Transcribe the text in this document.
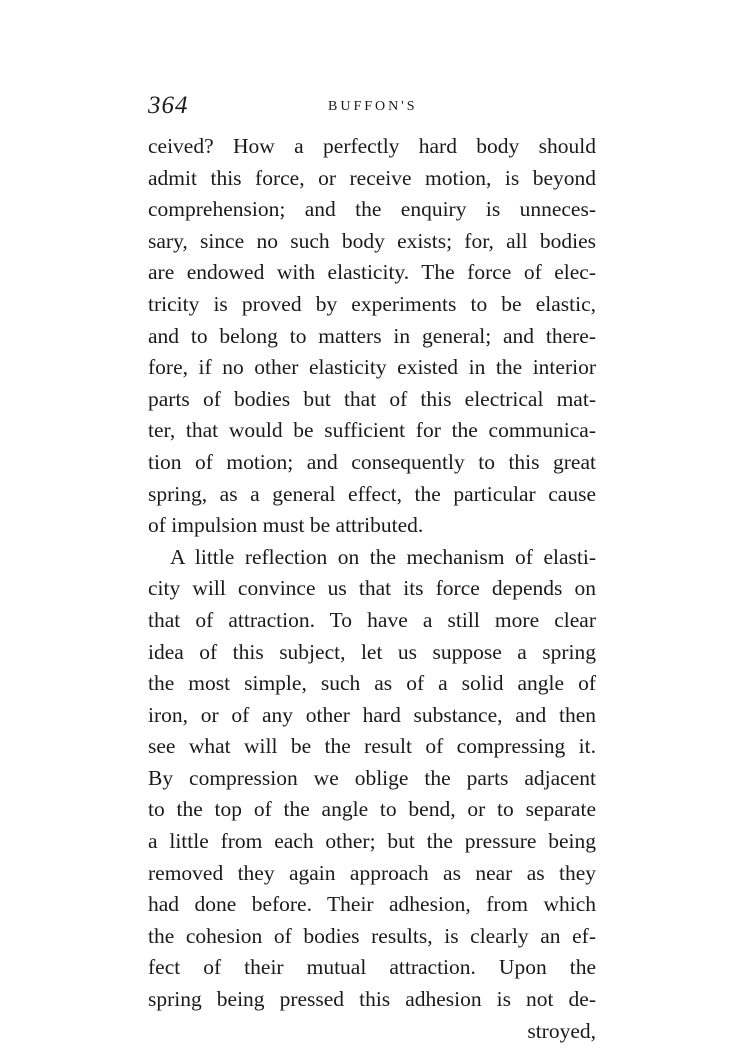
364	BUFFON'S
ceived? How a perfectly hard body should
admit this force, or receive motion, is beyond
comprehension; and the enquiry is unneces-
sary, since no such body exists; for, all bodies
are endowed with elasticity. The force of elec-
tricity is proved by experiments to be elastic,
and to belong to matters in general; and there-
fore, if no other elasticity existed in the interior
parts of bodies but that of this electrical mat-
ter, that would be sufficient for the communica-
tion of motion; and consequently to this great
spring, as a general effect, the particular cause
of impulsion must be attributed.
A little reflection on the mechanism of elasti-
city will convince us that its force depends on
that of attraction. To have a still more clear
idea of this subject, let us suppose a spring
the most simple, such as of a solid angle of
iron, or of any other hard substance, and then
see what will be the result of compressing it.
By compression we oblige the parts adjacent
to the top of the angle to bend, or to separate
a little from each other; but the pressure being
removed they again approach as near as they
had done before. Their adhesion, from which
the cohesion of bodies results, is clearly an ef-
fect of their mutual attraction. Upon the
spring being pressed this adhesion is not de-
stroyed,
